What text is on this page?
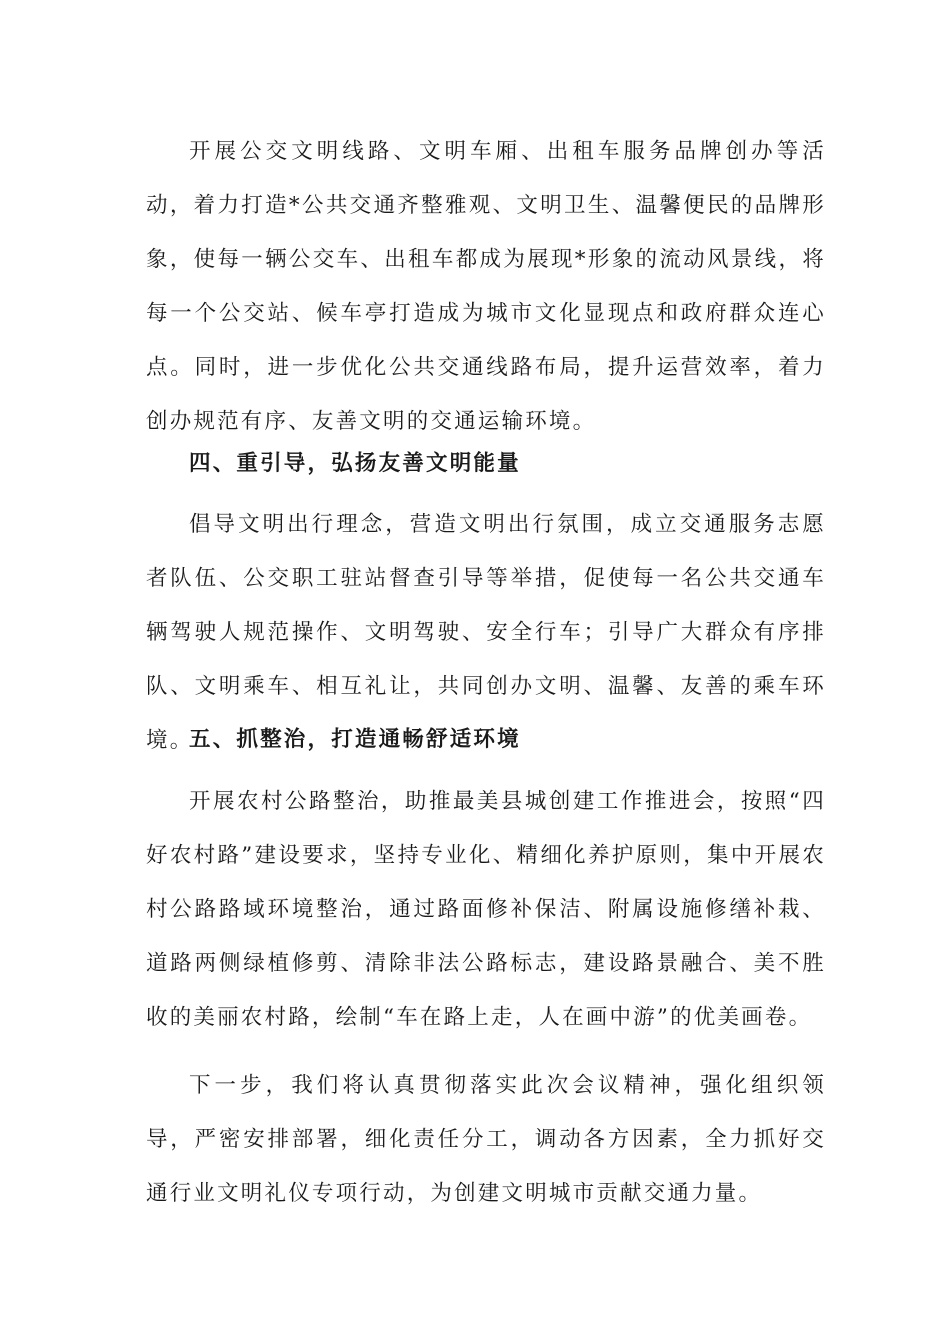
开展公交文明线路、文明车厢、出租车服务品牌创办等活动，着力打造*公共交通齐整雅观、文明卫生、温馨便民的品牌形象，使每一辆公交车、出租车都成为展现*形象的流动风景线，将每一个公交站、候车亭打造成为城市文化显现点和政府群众连心点。同时，进一步优化公共交通线路布局，提升运营效率，着力创办规范有序、友善文明的交通运输环境。

四、重引导，弘扬友善文明能量

倡导文明出行理念，营造文明出行氛围，成立交通服务志愿者队伍、公交职工驻站督查引导等举措，促使每一名公共交通车辆驾驶人规范操作、文明驾驶、安全行车；引导广大群众有序排队、文明乘车、相互礼让，共同创办文明、温馨、友善的乘车环境。

五、抓整治，打造通畅舒适环境

开展农村公路整治，助推最美县城创建工作推进会，按照“四好农村路”建设要求，坚持专业化、精细化养护原则，集中开展农村公路路域环境整治，通过路面修补保洁、附属设施修缮补栽、道路两侧绿植修剪、清除非法公路标志，建设路景融合、美不胜收的美丽农村路，绘制“车在路上走，人在画中游”的优美画卷。

下一步，我们将认真贯彻落实此次会议精神，强化组织领导，严密安排部署，细化责任分工，调动各方因素，全力抓好交通行业文明礼仪专项行动，为创建文明城市贡献交通力量。
